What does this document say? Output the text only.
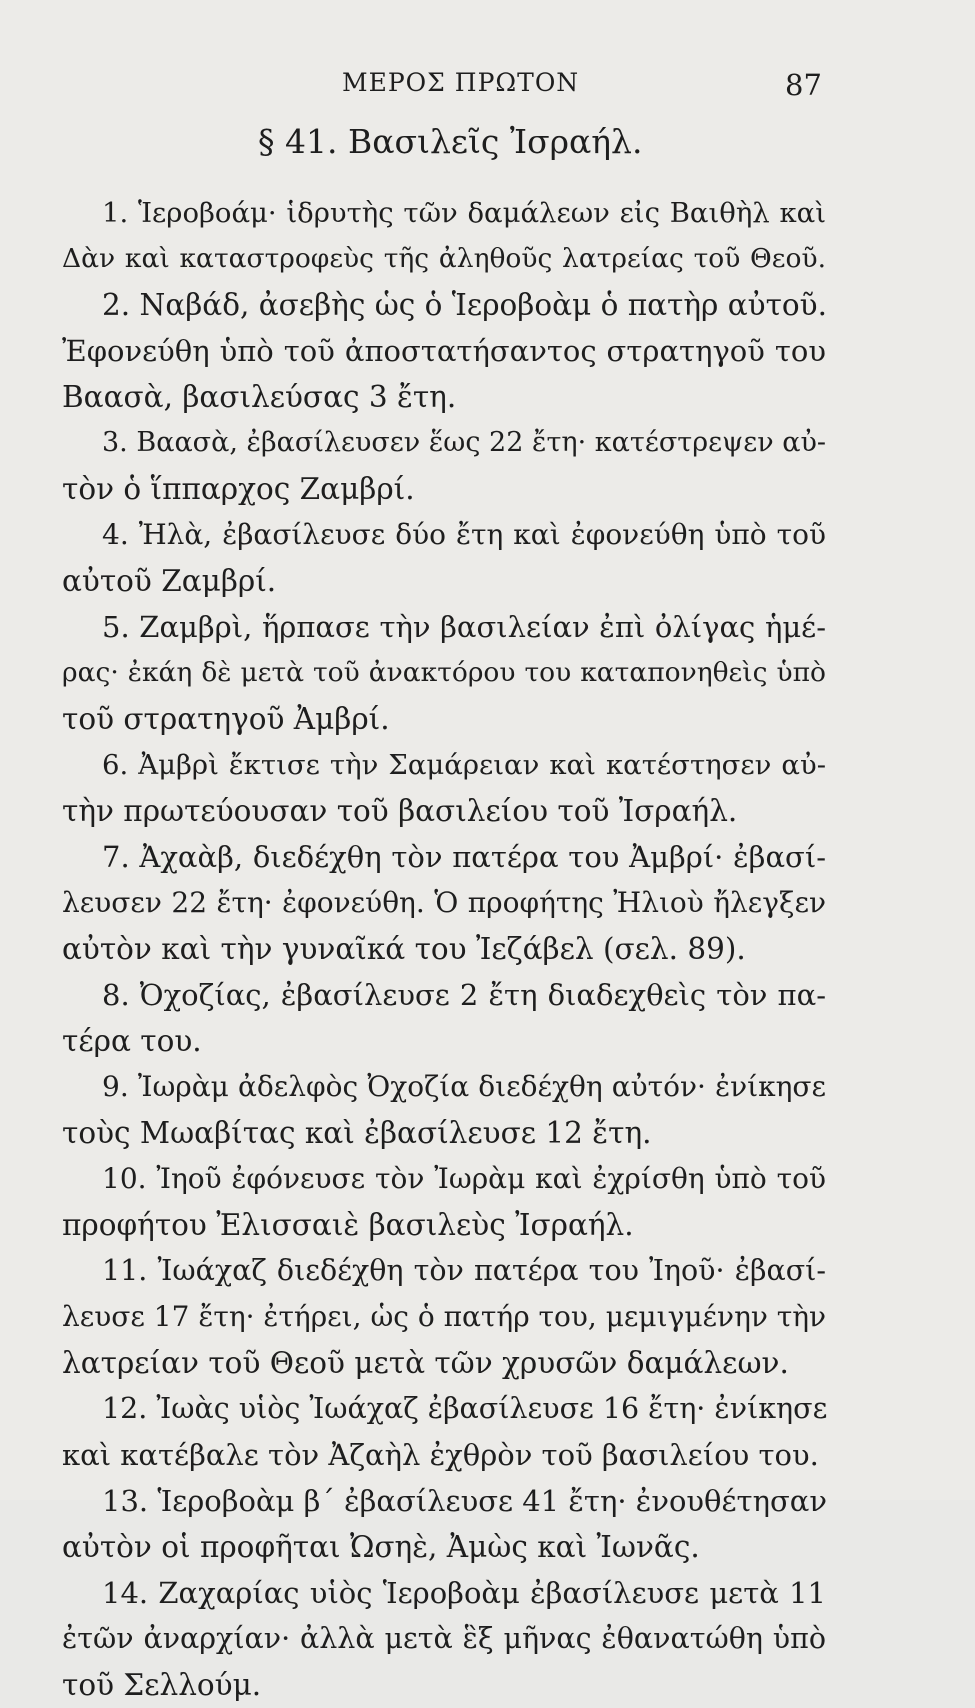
ΜΕΡΟΣ ΠΡΩΤΟΝ	87
§ 41. Βασιλεῖς Ἰσραήλ.
1. Ἱεροβοάμ· ἱδρυτὴς τῶν δαμάλεων εἰς Βαιθὴλ καὶ
Δὰν καὶ καταστροφεὺς τῆς ἀληθοῦς λατρείας τοῦ Θεοῦ.
2. Ναβάδ, ἀσεβὴς ὡς ὁ Ἱεροβοὰμ ὁ πατὴρ αὐτοῦ.
Ἐφονεύθη ὑπὸ τοῦ ἀποστατήσαντος στρατηγοῦ του
Βαασὰ, βασιλεύσας 3 ἔτη.
3. Βαασὰ, ἐβασίλευσεν ἕως 22 ἔτη· κατέστρεψεν αὐ-
τὸν ὁ ἵππαρχος Ζαμβρί.
4. Ἠλὰ, ἐβασίλευσε δύο ἔτη καὶ ἐφονεύθη ὑπὸ τοῦ
αὐτοῦ Ζαμβρί.
5. Ζαμβρὶ, ἥρπασε τὴν βασιλείαν ἐπὶ ὀλίγας ἡμέ-
ρας· ἐκάη δὲ μετὰ τοῦ ἀνακτόρου του καταπονηθεὶς ὑπὸ
τοῦ στρατηγοῦ Ἀμβρί.
6. Ἀμβρὶ ἔκτισε τὴν Σαμάρειαν καὶ κατέστησεν αὐ-
τὴν πρωτεύουσαν τοῦ βασιλείου τοῦ Ἰσραήλ.
7. Ἀχαὰβ, διεδέχθη τὸν πατέρα του Ἀμβρί· ἐβασί-
λευσεν 22 ἔτη· ἐφονεύθη. Ὁ προφήτης Ἠλιοὺ ἤλεγξεν
αὐτὸν καὶ τὴν γυναῖκά του Ἰεζάβελ (σελ. 89).
8. Ὀχοζίας, ἐβασίλευσε 2 ἔτη διαδεχθεὶς τὸν πα-
τέρα του.
9. Ἰωρὰμ ἀδελφὸς Ὀχοζία διεδέχθη αὐτόν· ἐνίκησε
τοὺς Μωαβίτας καὶ ἐβασίλευσε 12 ἔτη.
10. Ἰηοῦ ἐφόνευσε τὸν Ἰωρὰμ καὶ ἐχρίσθη ὑπὸ τοῦ
προφήτου Ἐλισσαιὲ βασιλεὺς Ἰσραήλ.
11. Ἰωάχαζ διεδέχθη τὸν πατέρα του Ἰηοῦ· ἐβασί-
λευσε 17 ἔτη· ἐτήρει, ὡς ὁ πατήρ του, μεμιγμένην τὴν
λατρείαν τοῦ Θεοῦ μετὰ τῶν χρυσῶν δαμάλεων.
12. Ἰωὰς υἱὸς Ἰωάχαζ ἐβασίλευσε 16 ἔτη· ἐνίκησε
καὶ κατέβαλε τὸν Ἀζαὴλ ἐχθρὸν τοῦ βασιλείου του.
13. Ἱεροβοὰμ β΄ ἐβασίλευσε 41 ἔτη· ἐνουθέτησαν
αὐτὸν οἱ προφῆται Ὠσηὲ, Ἀμὼς καὶ Ἰωνᾶς.
14. Ζαχαρίας υἱὸς Ἱεροβοὰμ ἐβασίλευσε μετὰ 11
ἐτῶν ἀναρχίαν· ἀλλὰ μετὰ ἓξ μῆνας ἐθανατώθη ὑπὸ
τοῦ Σελλούμ.
